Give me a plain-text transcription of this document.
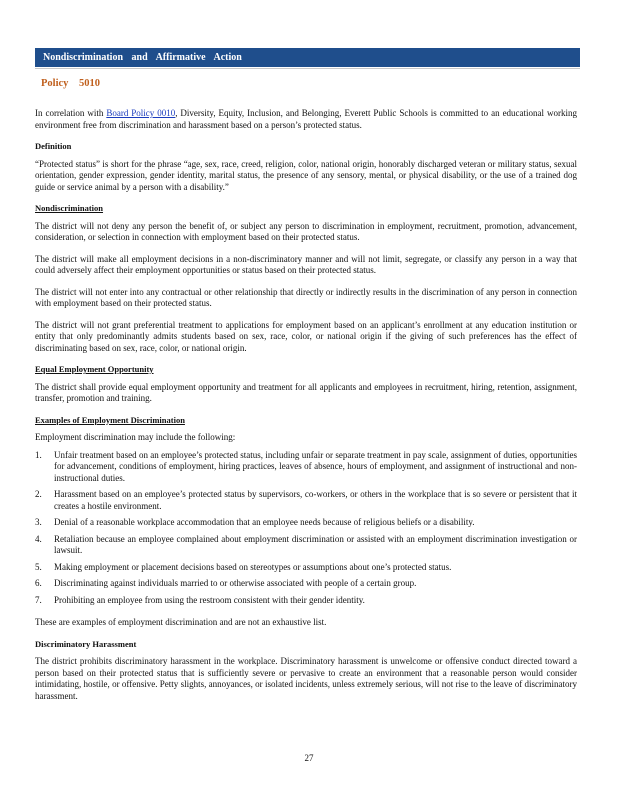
Nondiscrimination and Affirmative Action
Policy 5010

In correlation with Board Policy 0010, Diversity, Equity, Inclusion, and Belonging, Everett Public Schools is committed to an educational working environment free from discrimination and harassment based on a person’s protected status.

Definition

“Protected status” is short for the phrase “age, sex, race, creed, religion, color, national origin, honorably discharged veteran or military status, sexual orientation, gender expression, gender identity, marital status, the presence of any sensory, mental, or physical disability, or the use of a trained dog guide or service animal by a person with a disability.”

Nondiscrimination

The district will not deny any person the benefit of, or subject any person to discrimination in employment, recruitment, promotion, advancement, consideration, or selection in connection with employment based on their protected status.

The district will make all employment decisions in a non-discriminatory manner and will not limit, segregate, or classify any person in a way that could adversely affect their employment opportunities or status based on their protected status.

The district will not enter into any contractual or other relationship that directly or indirectly results in the discrimination of any person in connection with employment based on their protected status.

The district will not grant preferential treatment to applications for employment based on an applicant’s enrollment at any education institution or entity that only predominantly admits students based on sex, race, color, or national origin if the giving of such preferences has the effect of discriminating based on sex, race, color, or national origin.

Equal Employment Opportunity

The district shall provide equal employment opportunity and treatment for all applicants and employees in recruitment, hiring, retention, assignment, transfer, promotion and training.

Examples of Employment Discrimination

Employment discrimination may include the following:

1. Unfair treatment based on an employee’s protected status, including unfair or separate treatment in pay scale, assignment of duties, opportunities for advancement, conditions of employment, hiring practices, leaves of absence, hours of employment, and assignment of instructional and non-instructional duties.
2. Harassment based on an employee’s protected status by supervisors, co-workers, or others in the workplace that is so severe or persistent that it creates a hostile environment.
3. Denial of a reasonable workplace accommodation that an employee needs because of religious beliefs or a disability.
4. Retaliation because an employee complained about employment discrimination or assisted with an employment discrimination investigation or lawsuit.
5. Making employment or placement decisions based on stereotypes or assumptions about one’s protected status.
6. Discriminating against individuals married to or otherwise associated with people of a certain group.
7. Prohibiting an employee from using the restroom consistent with their gender identity.

These are examples of employment discrimination and are not an exhaustive list.

Discriminatory Harassment

The district prohibits discriminatory harassment in the workplace. Discriminatory harassment is unwelcome or offensive conduct directed toward a person based on their protected status that is sufficiently severe or pervasive to create an environment that a reasonable person would consider intimidating, hostile, or offensive. Petty slights, annoyances, or isolated incidents, unless extremely serious, will not rise to the leave of discriminatory harassment.

27
